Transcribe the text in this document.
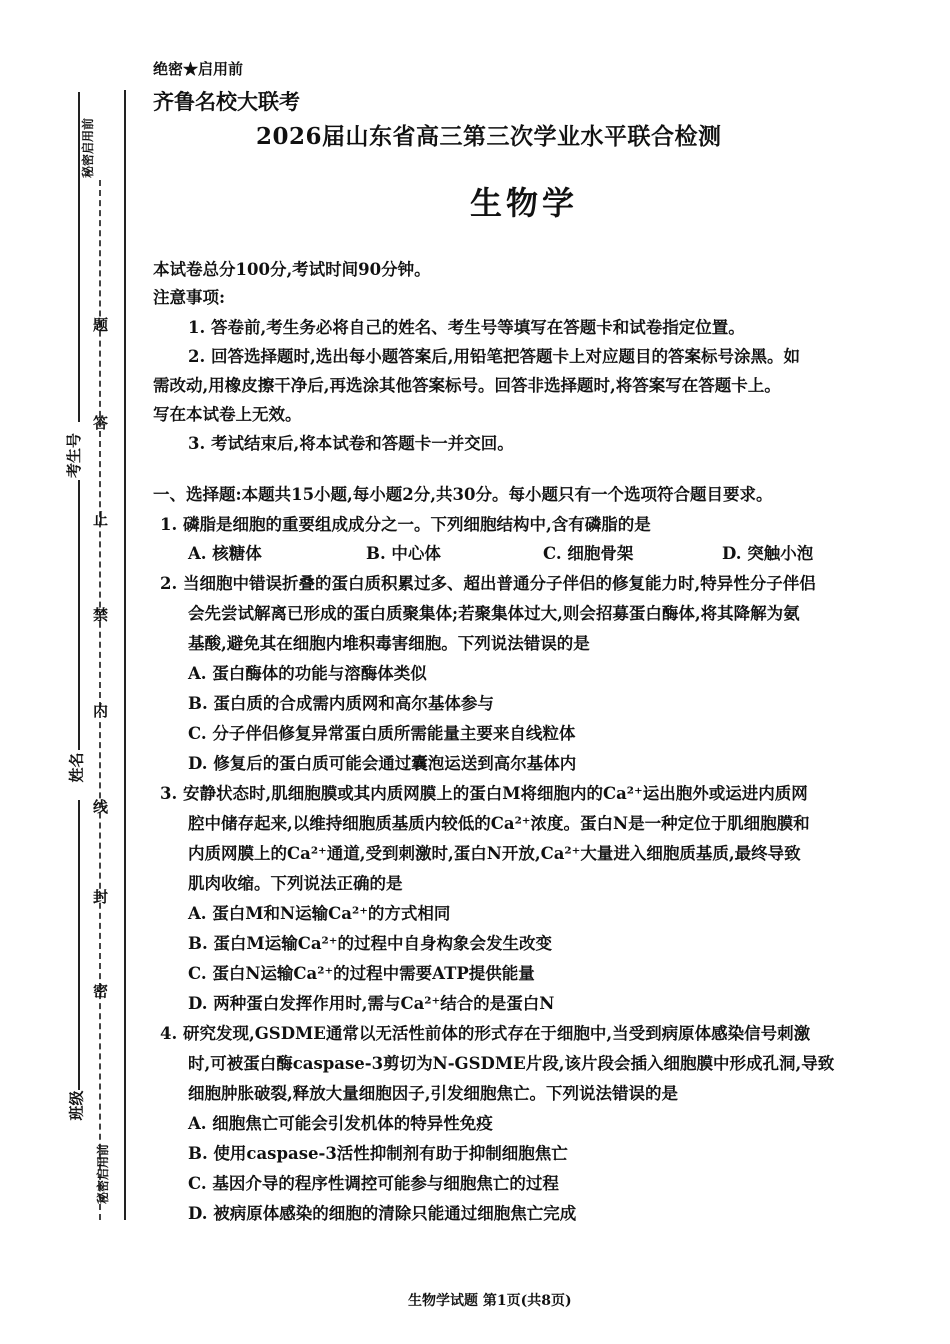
秘密启用前
考生号
姓名
班级
秘密启用前
题
答
止
禁
内
线
封
密
绝密★启用前
齐鲁名校大联考
2026届山东省高三第三次学业水平联合检测
生物学
本试卷总分100分,考试时间90分钟。
注意事项:
1. 答卷前,考生务必将自己的姓名、考生号等填写在答题卡和试卷指定位置。
2. 回答选择题时,选出每小题答案后,用铅笔把答题卡上对应题目的答案标号涂黑。如
需改动,用橡皮擦干净后,再选涂其他答案标号。回答非选择题时,将答案写在答题卡上。
写在本试卷上无效。
3. 考试结束后,将本试卷和答题卡一并交回。
一、选择题:本题共15小题,每小题2分,共30分。每小题只有一个选项符合题目要求。
1. 磷脂是细胞的重要组成成分之一。下列细胞结构中,含有磷脂的是
A. 核糖体	B. 中心体	C. 细胞骨架	D. 突触小泡
2. 当细胞中错误折叠的蛋白质积累过多、超出普通分子伴侣的修复能力时,特异性分子伴侣
会先尝试解离已形成的蛋白质聚集体;若聚集体过大,则会招募蛋白酶体,将其降解为氨
基酸,避免其在细胞内堆积毒害细胞。下列说法错误的是
A. 蛋白酶体的功能与溶酶体类似
B. 蛋白质的合成需内质网和高尔基体参与
C. 分子伴侣修复异常蛋白质所需能量主要来自线粒体
D. 修复后的蛋白质可能会通过囊泡运送到高尔基体内
3. 安静状态时,肌细胞膜或其内质网膜上的蛋白M将细胞内的Ca²⁺运出胞外或运进内质网
腔中储存起来,以维持细胞质基质内较低的Ca²⁺浓度。蛋白N是一种定位于肌细胞膜和
内质网膜上的Ca²⁺通道,受到刺激时,蛋白N开放,Ca²⁺大量进入细胞质基质,最终导致
肌肉收缩。下列说法正确的是
A. 蛋白M和N运输Ca²⁺的方式相同
B. 蛋白M运输Ca²⁺的过程中自身构象会发生改变
C. 蛋白N运输Ca²⁺的过程中需要ATP提供能量
D. 两种蛋白发挥作用时,需与Ca²⁺结合的是蛋白N
4. 研究发现,GSDME通常以无活性前体的形式存在于细胞中,当受到病原体感染信号刺激
时,可被蛋白酶caspase-3剪切为N-GSDME片段,该片段会插入细胞膜中形成孔洞,导致
细胞肿胀破裂,释放大量细胞因子,引发细胞焦亡。下列说法错误的是
A. 细胞焦亡可能会引发机体的特异性免疫
B. 使用caspase-3活性抑制剂有助于抑制细胞焦亡
C. 基因介导的程序性调控可能参与细胞焦亡的过程
D. 被病原体感染的细胞的清除只能通过细胞焦亡完成
生物学试题 第1页(共8页)
